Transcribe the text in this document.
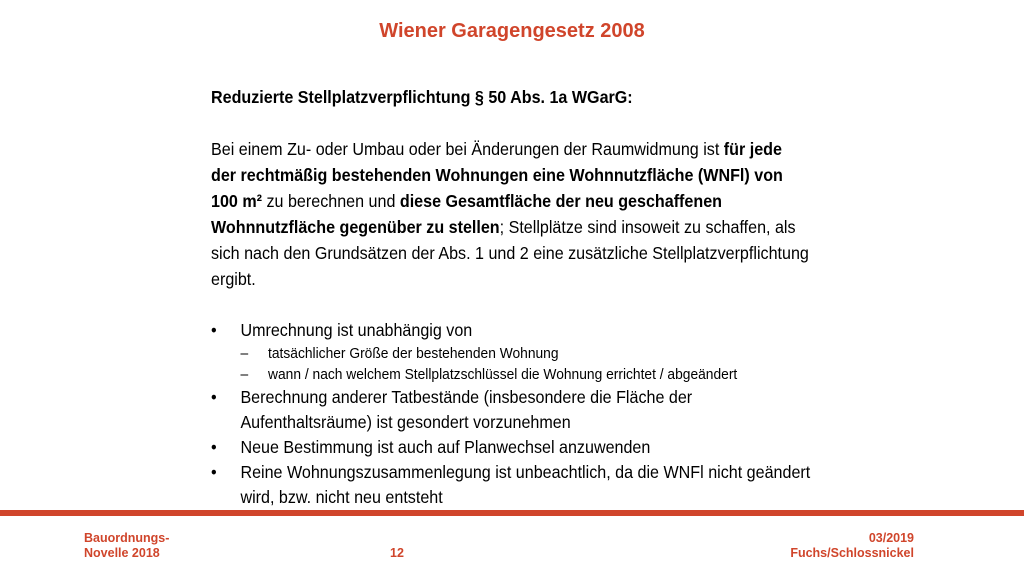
Wiener Garagengesetz 2008

Reduzierte Stellplatzverpflichtung § 50 Abs. 1a WGarG:

Bei einem Zu- oder Umbau oder bei Änderungen der Raumwidmung ist für jede der rechtmäßig bestehenden Wohnungen eine Wohnnutzfläche (WNFl) von 100 m² zu berechnen und diese Gesamtfläche der neu geschaffenen Wohnnutzfläche gegenüber zu stellen; Stellplätze sind insoweit zu schaffen, als sich nach den Grundsätzen der Abs. 1 und 2 eine zusätzliche Stellplatzverpflichtung ergibt.

• Umrechnung ist unabhängig von
– tatsächlicher Größe der bestehenden Wohnung
– wann / nach welchem Stellplatzschlüssel die Wohnung errichtet / abgeändert
• Berechnung anderer Tatbestände (insbesondere die Fläche der Aufenthaltsräume) ist gesondert vorzunehmen
• Neue Bestimmung ist auch auf Planwechsel anzuwenden
• Reine Wohnungszusammenlegung ist unbeachtlich, da die WNFl nicht geändert wird, bzw. nicht neu entsteht
Bauordnungs-
Novelle 2018	12
03/2019
Fuchs/Schlossnickel
